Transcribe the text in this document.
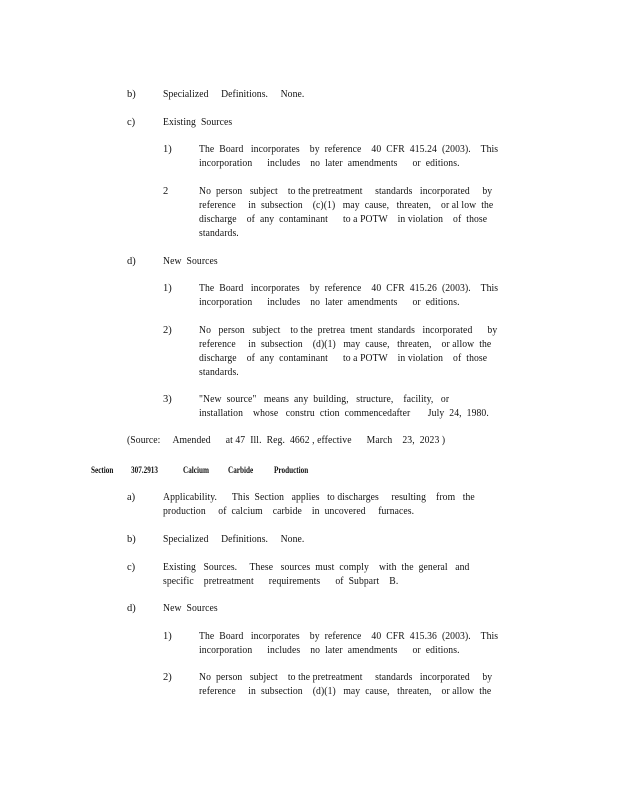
b)	Specialized     Definitions.     None.
c)	Existing  Sources
1)	The  Board   incorporates    by  reference    40  CFR  415.24  (2003).    This
incorporation      includes    no  later  amendments      or  editions.
2	No  person   subject    to the pretreatment     standards   incorporated     by
reference     in  subsection    (c)(1)   may  cause,   threaten,    or al low  the
discharge    of  any  contaminant      to a POTW    in violation    of  those
standards.
d)	New  Sources
1)	The  Board   incorporates    by  reference    40  CFR  415.26  (2003).    This
incorporation      includes    no  later  amendments      or  editions.
2)	No   person   subject    to the  pretrea  tment  standards   incorporated      by
reference     in  subsection    (d)(1)   may  cause,   threaten,    or allow  the
discharge    of  any  contaminant      to a POTW    in violation    of  those
standards.
3)	"New  source"   means  any  building,   structure,    facility,   or
installation    whose   constru  ction  commencedafter       July  24,  1980.
(Source:     Amended      at 47  Ill.  Reg.  4662 , effective      March    23,  2023 )
Section 307.2913	Calcium Carbide Production
a)	Applicability.      This  Section   applies   to discharges     resulting    from   the
production     of  calcium    carbide    in  uncovered     furnaces.
b)	Specialized     Definitions.     None.
c)	Existing   Sources.     These   sources  must  comply    with  the  general   and
specific    pretreatment      requirements      of  Subpart    B.
d)	New  Sources
1)	The  Board   incorporates    by  reference    40  CFR  415.36  (2003).    This
incorporation      includes    no  later  amendments      or  editions.
2)	No  person   subject    to the pretreatment     standards   incorporated     by
reference     in  subsection    (d)(1)   may  cause,   threaten,    or allow  the
